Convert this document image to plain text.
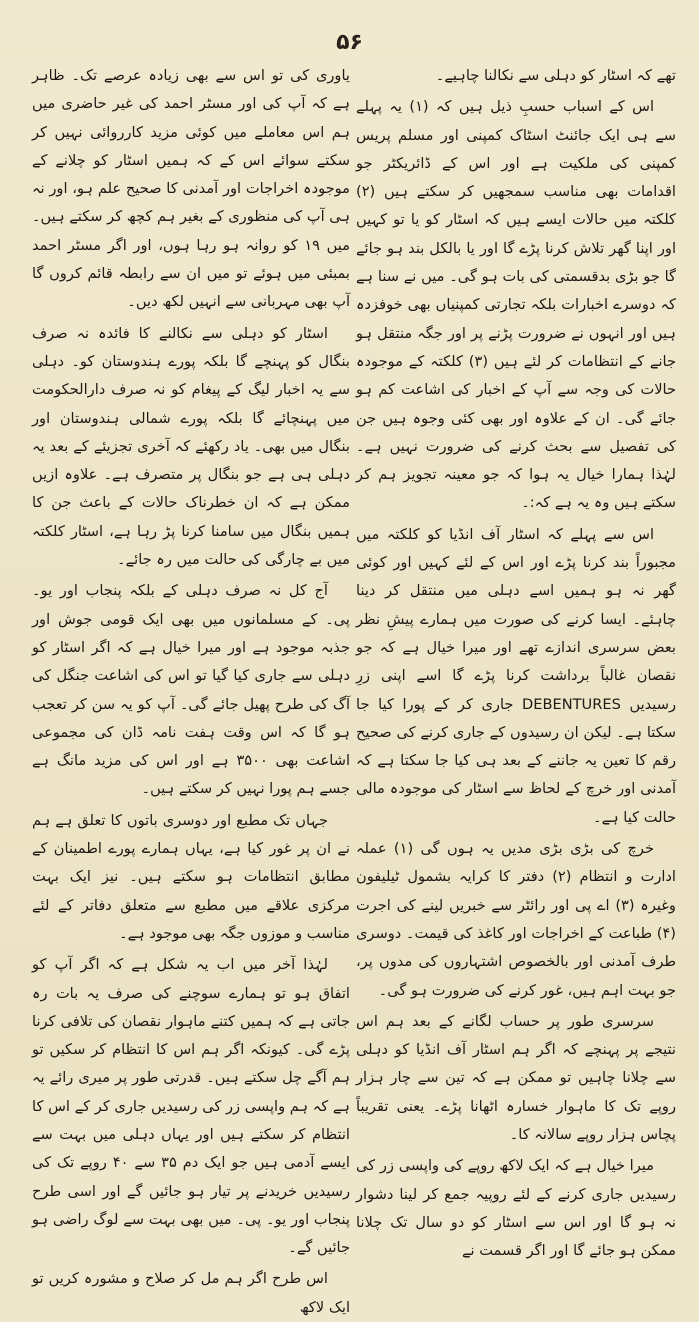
۵۶

تھے کہ اسٹار کو دہلی سے نکالنا چاہیے۔

اس کے اسباب حسبِ ذیل ہیں کہ (۱) یہ پہلے سے ہی ایک جائنٹ اسٹاک کمپنی اور مسلم پریس کمپنی کی ملکیت ہے اور اس کے ڈائریکٹر جو اقدامات بھی مناسب سمجھیں کر سکتے ہیں (۲) کلکتہ میں حالات ایسے ہیں کہ اسٹار کو یا تو کہیں اور اپنا گھر تلاش کرنا پڑے گا اور یا بالکل بند ہو جائے گا جو بڑی بدقسمتی کی بات ہو گی۔ میں نے سنا ہے کہ دوسرے اخبارات بلکہ تجارتی کمپنیاں بھی خوفزدہ ہیں اور انہوں نے ضرورت پڑنے پر اور جگہ منتقل ہو جانے کے انتظامات کر لئے ہیں (۳) کلکتہ کے موجودہ حالات کی وجہ سے آپ کے اخبار کی اشاعت کم ہو جائے گی۔ ان کے علاوہ اور بھی کئی وجوہ ہیں جن کی تفصیل سے بحث کرنے کی ضرورت نہیں ہے۔ لہٰذا ہمارا خیال یہ ہوا کہ جو معینہ تجویز ہم کر سکتے ہیں وہ یہ ہے کہ:۔

اس سے پہلے کہ اسٹار آف انڈیا کو کلکتہ میں مجبوراً بند کرنا پڑے اور اس کے لئے کہیں اور کوئی گھر نہ ہو ہمیں اسے دہلی میں منتقل کر دینا چاہئے۔ ایسا کرنے کی صورت میں ہمارے پیشِ نظر بعض سرسری اندازے تھے اور میرا خیال ہے کہ جو نقصان غالباً برداشت کرنا پڑے گا اسے اپنی زرِ رسیدیں DEBENTURES جاری کر کے پورا کیا جا سکتا ہے۔ لیکن ان رسیدوں کے جاری کرنے کی صحیح رقم کا تعین یہ جاننے کے بعد ہی کیا جا سکتا ہے کہ آمدنی اور خرچ کے لحاظ سے اسٹار کی موجودہ مالی حالت کیا ہے۔

خرچ کی بڑی بڑی مدیں یہ ہوں گی (۱) عملہ ادارت و انتظام (۲) دفتر کا کرایہ بشمول ٹیلیفون وغیرہ (۳) اے پی اور رائٹر سے خبریں لینے کی اجرت (۴) طباعت کے اخراجات اور کاغذ کی قیمت۔ دوسری طرف آمدنی اور بالخصوص اشتہاروں کی مدوں پر، جو بہت اہم ہیں، غور کرنے کی ضرورت ہو گی۔

سرسری طور پر حساب لگانے کے بعد ہم اس نتیجے پر پہنچے کہ اگر ہم اسٹار آف انڈیا کو دہلی سے چلانا چاہیں تو ممکن ہے کہ تین سے چار ہزار روپے تک کا ماہوار خسارہ اٹھانا پڑے۔ یعنی تقریباً پچاس ہزار روپے سالانہ کا۔

میرا خیال ہے کہ ایک لاکھ روپے کی واپسی زر کی رسیدیں جاری کرنے کے لئے روپیہ جمع کر لینا دشوار نہ ہو گا اور اس سے اسٹار کو دو سال تک چلانا ممکن ہو جائے گا اور اگر قسمت نے

یاوری کی تو اس سے بھی زیادہ عرصے تک۔ ظاہر ہے کہ آپ کی اور مسٹر احمد کی غیر حاضری میں ہم اس معاملے میں کوئی مزید کارروائی نہیں کر سکتے سوائے اس کے کہ ہمیں اسٹار کو چلانے کے موجودہ اخراجات اور آمدنی کا صحیح علم ہو، اور نہ ہی آپ کی منظوری کے بغیر ہم کچھ کر سکتے ہیں۔ میں ۱۹ کو روانہ ہو رہا ہوں، اور اگر مسٹر احمد بمبئی میں ہوئے تو میں ان سے رابطہ قائم کروں گا آپ بھی مہربانی سے انہیں لکھ دیں۔

اسٹار کو دہلی سے نکالنے کا فائدہ نہ صرف بنگال کو پہنچے گا بلکہ پورے ہندوستان کو۔ دہلی سے یہ اخبار لیگ کے پیغام کو نہ صرف دارالحکومت میں پہنچائے گا بلکہ پورے شمالی ہندوستان اور بنگال میں بھی۔ یاد رکھئے کہ آخری تجزیئے کے بعد یہ دہلی ہی ہے جو بنگال پر متصرف ہے۔ علاوہ ازیں ممکن ہے کہ ان خطرناک حالات کے باعث جن کا ہمیں بنگال میں سامنا کرنا پڑ رہا ہے، اسٹار کلکتہ میں بے چارگی کی حالت میں رہ جائے۔

آج کل نہ صرف دہلی کے بلکہ پنجاب اور یو۔ پی۔ کے مسلمانوں میں بھی ایک قومی جوش اور جذبہ موجود ہے اور میرا خیال ہے کہ اگر اسٹار کو دہلی سے جاری کیا گیا تو اس کی اشاعت جنگل کی آگ کی طرح پھیل جائے گی۔ آپ کو یہ سن کر تعجب ہو گا کہ اس وقت ہفت نامہ ڈان کی مجموعی اشاعت بھی ۳۵۰۰ ہے اور اس کی مزید مانگ ہے جسے ہم پورا نہیں کر سکتے ہیں۔

جہاں تک مطبع اور دوسری باتوں کا تعلق ہے ہم نے ان پر غور کیا ہے، یہاں ہمارے پورے اطمینان کے مطابق انتظامات ہو سکتے ہیں۔ نیز ایک بہت مرکزی علاقے میں مطبع سے متعلق دفاتر کے لئے مناسب و موزوں جگہ بھی موجود ہے۔

لہٰذا آخر میں اب یہ شکل ہے کہ اگر آپ کو اتفاق ہو تو ہمارے سوچنے کی صرف یہ بات رہ جاتی ہے کہ ہمیں کتنے ماہوار نقصان کی تلافی کرنا پڑے گی۔ کیونکہ اگر ہم اس کا انتظام کر سکیں تو ہم آگے چل سکتے ہیں۔ قدرتی طور پر میری رائے یہ ہے کہ ہم واپسی زر کی رسیدیں جاری کر کے اس کا انتظام کر سکتے ہیں اور یہاں دہلی میں بہت سے ایسے آدمی ہیں جو ایک دم ۳۵ سے ۴۰ روپے تک کی رسیدیں خریدنے پر تیار ہو جائیں گے اور اسی طرح پنجاب اور یو۔ پی۔ میں بھی بہت سے لوگ راضی ہو جائیں گے۔

اس طرح اگر ہم مل کر صلاح و مشورہ کریں تو ایک لاکھ
